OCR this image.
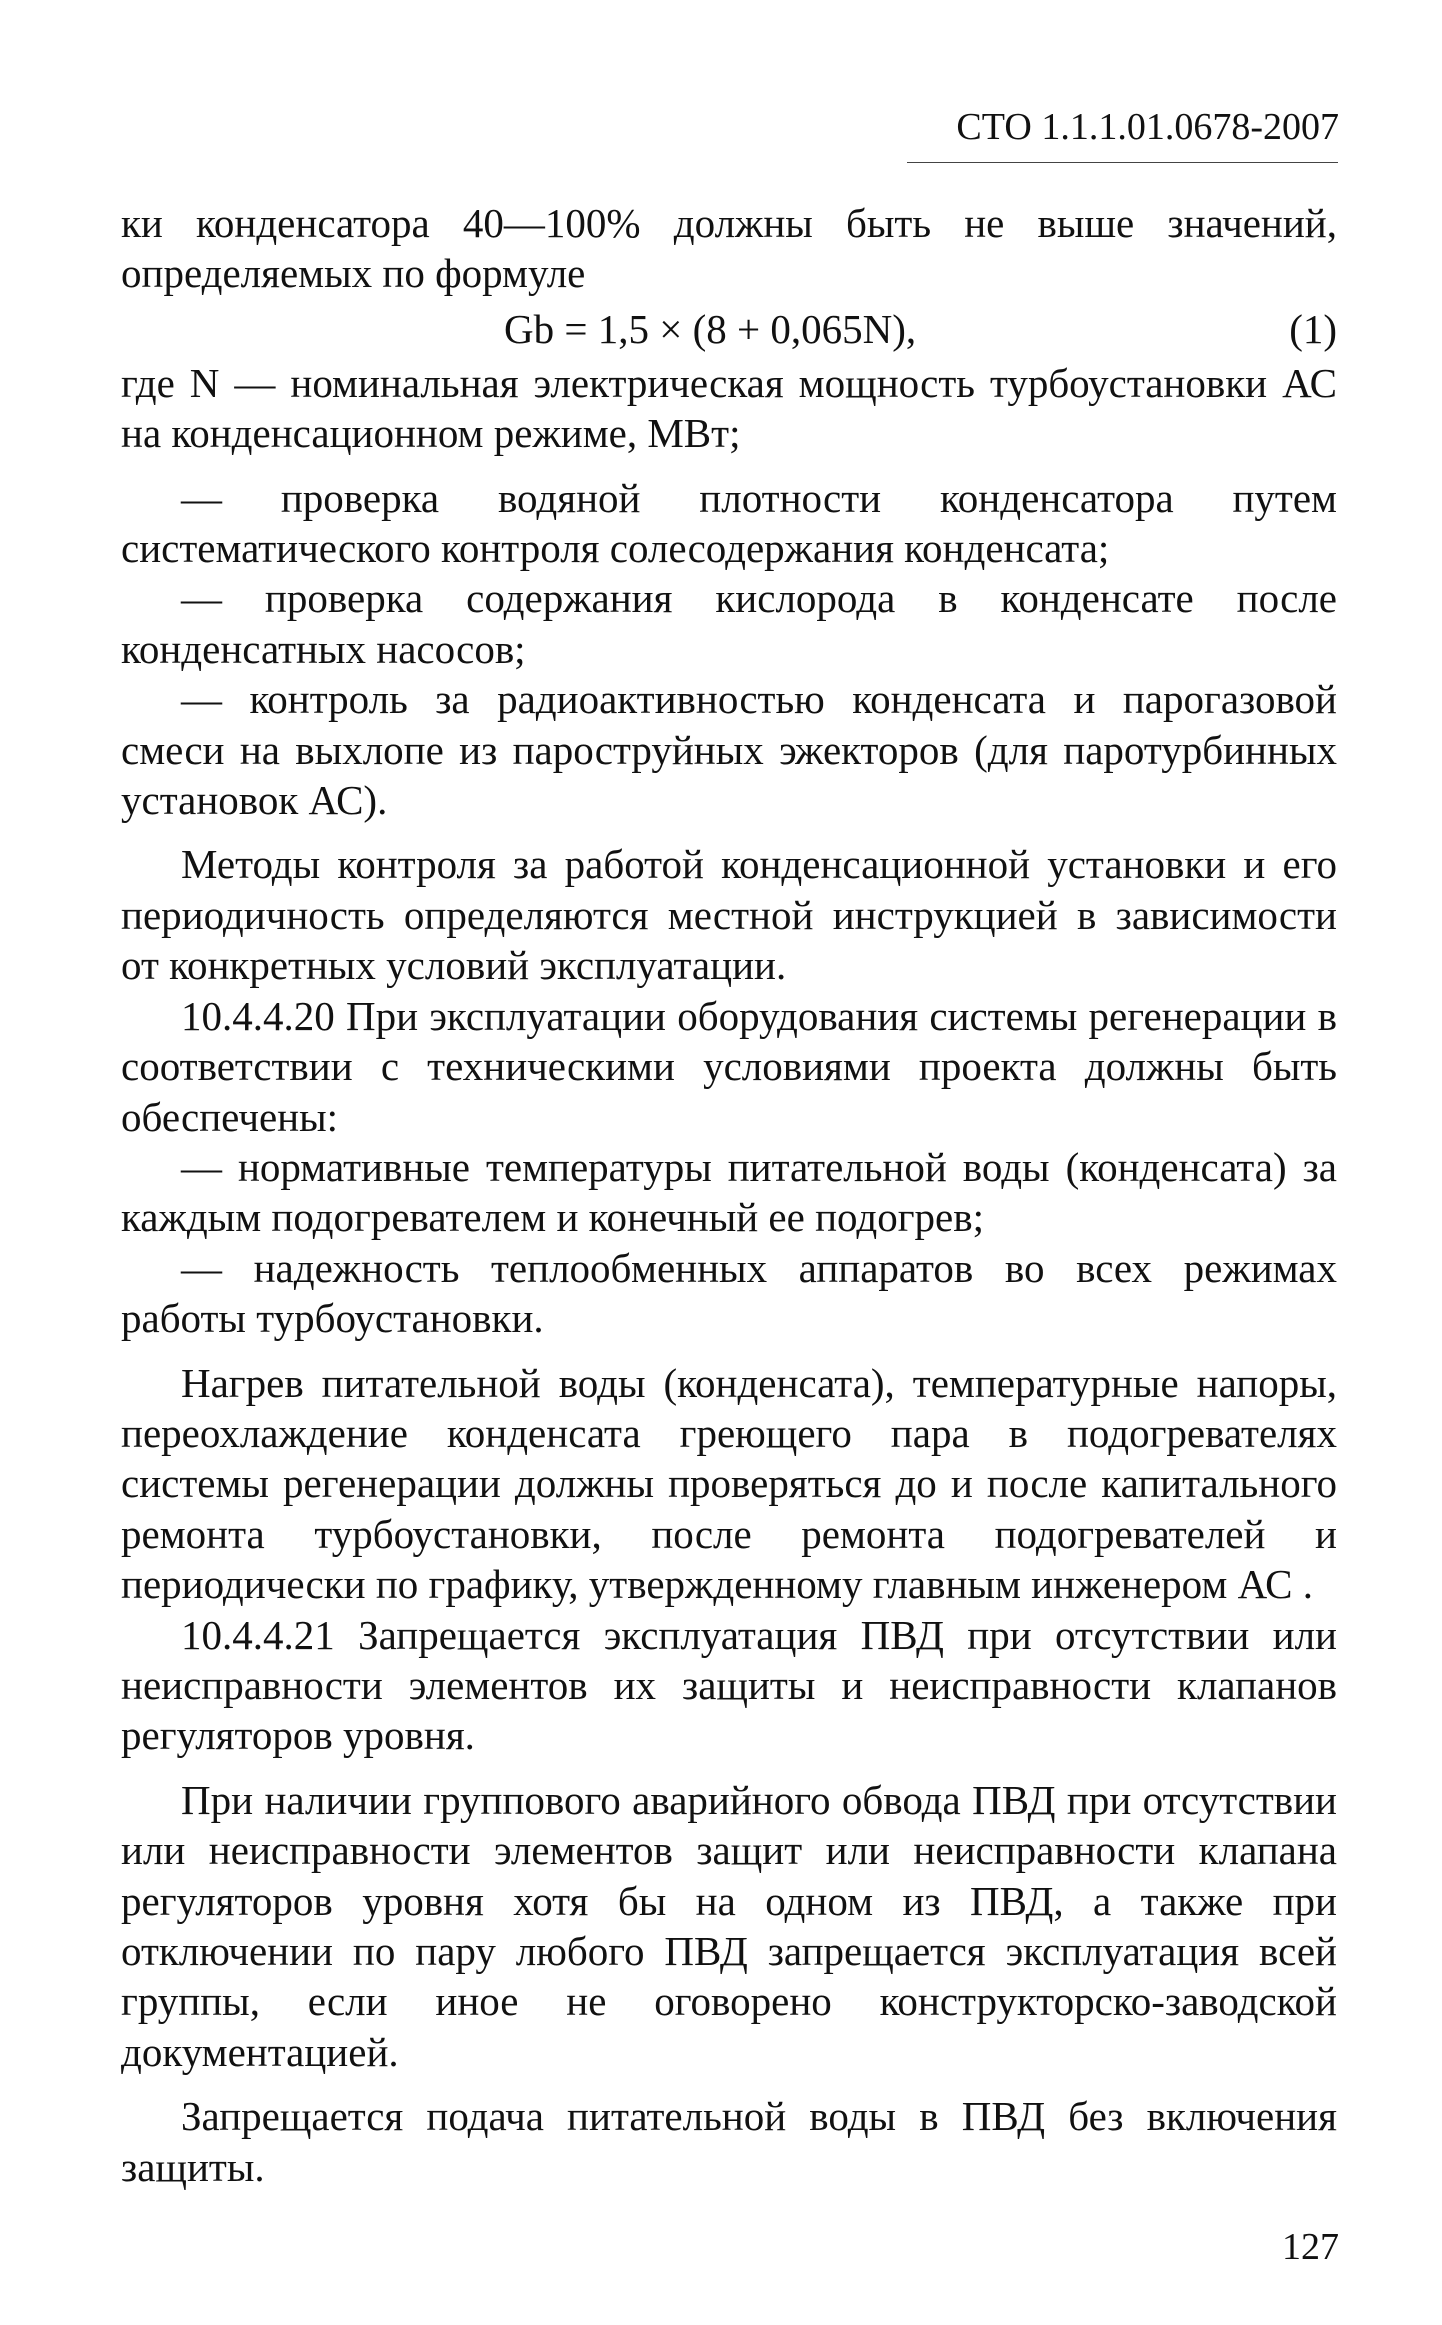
СТО 1.1.1.01.0678-2007

ки конденсатора 40—100% должны быть не выше значений, определяемых по формуле

Gb = 1,5 × (8 + 0,065N),	(1)

где N — номинальная электрическая мощность турбоустановки АС на конденсационном режиме, МВт;

— проверка водяной плотности конденсатора путем систематического контроля солесодержания конденсата;

— проверка содержания кислорода в конденсате после конденсатных насосов;

— контроль за радиоактивностью конденсата и парогазовой смеси на выхлопе из пароструйных эжекторов (для паротурбинных установок АС).

Методы контроля за работой конденсационной установки и его периодичность определяются местной инструкцией в зависимости от конкретных условий эксплуатации.

10.4.4.20 При эксплуатации оборудования системы регенерации в соответствии с техническими условиями проекта должны быть обеспечены:

— нормативные температуры питательной воды (конденсата) за каждым подогревателем и конечный ее подогрев;

— надежность теплообменных аппаратов во всех режимах работы турбоустановки.

Нагрев питательной воды (конденсата), температурные напоры, переохлаждение конденсата греющего пара в подогревателях системы регенерации должны проверяться до и после капитального ремонта турбоустановки, после ремонта подогревателей и периодически по графику, утвержденному главным инженером АС .

10.4.4.21 Запрещается эксплуатация ПВД при отсутствии или неисправности элементов их защиты и неисправности клапанов регуляторов уровня.

При наличии группового аварийного обвода ПВД при отсутствии или неисправности элементов защит или неисправности клапана регуляторов уровня хотя бы на одном из ПВД, а также при отключении по пару любого ПВД запрещается эксплуатация всей группы, если иное не оговорено конструкторско-заводской документацией.

Запрещается подача питательной воды в ПВД без включения защиты.

127
